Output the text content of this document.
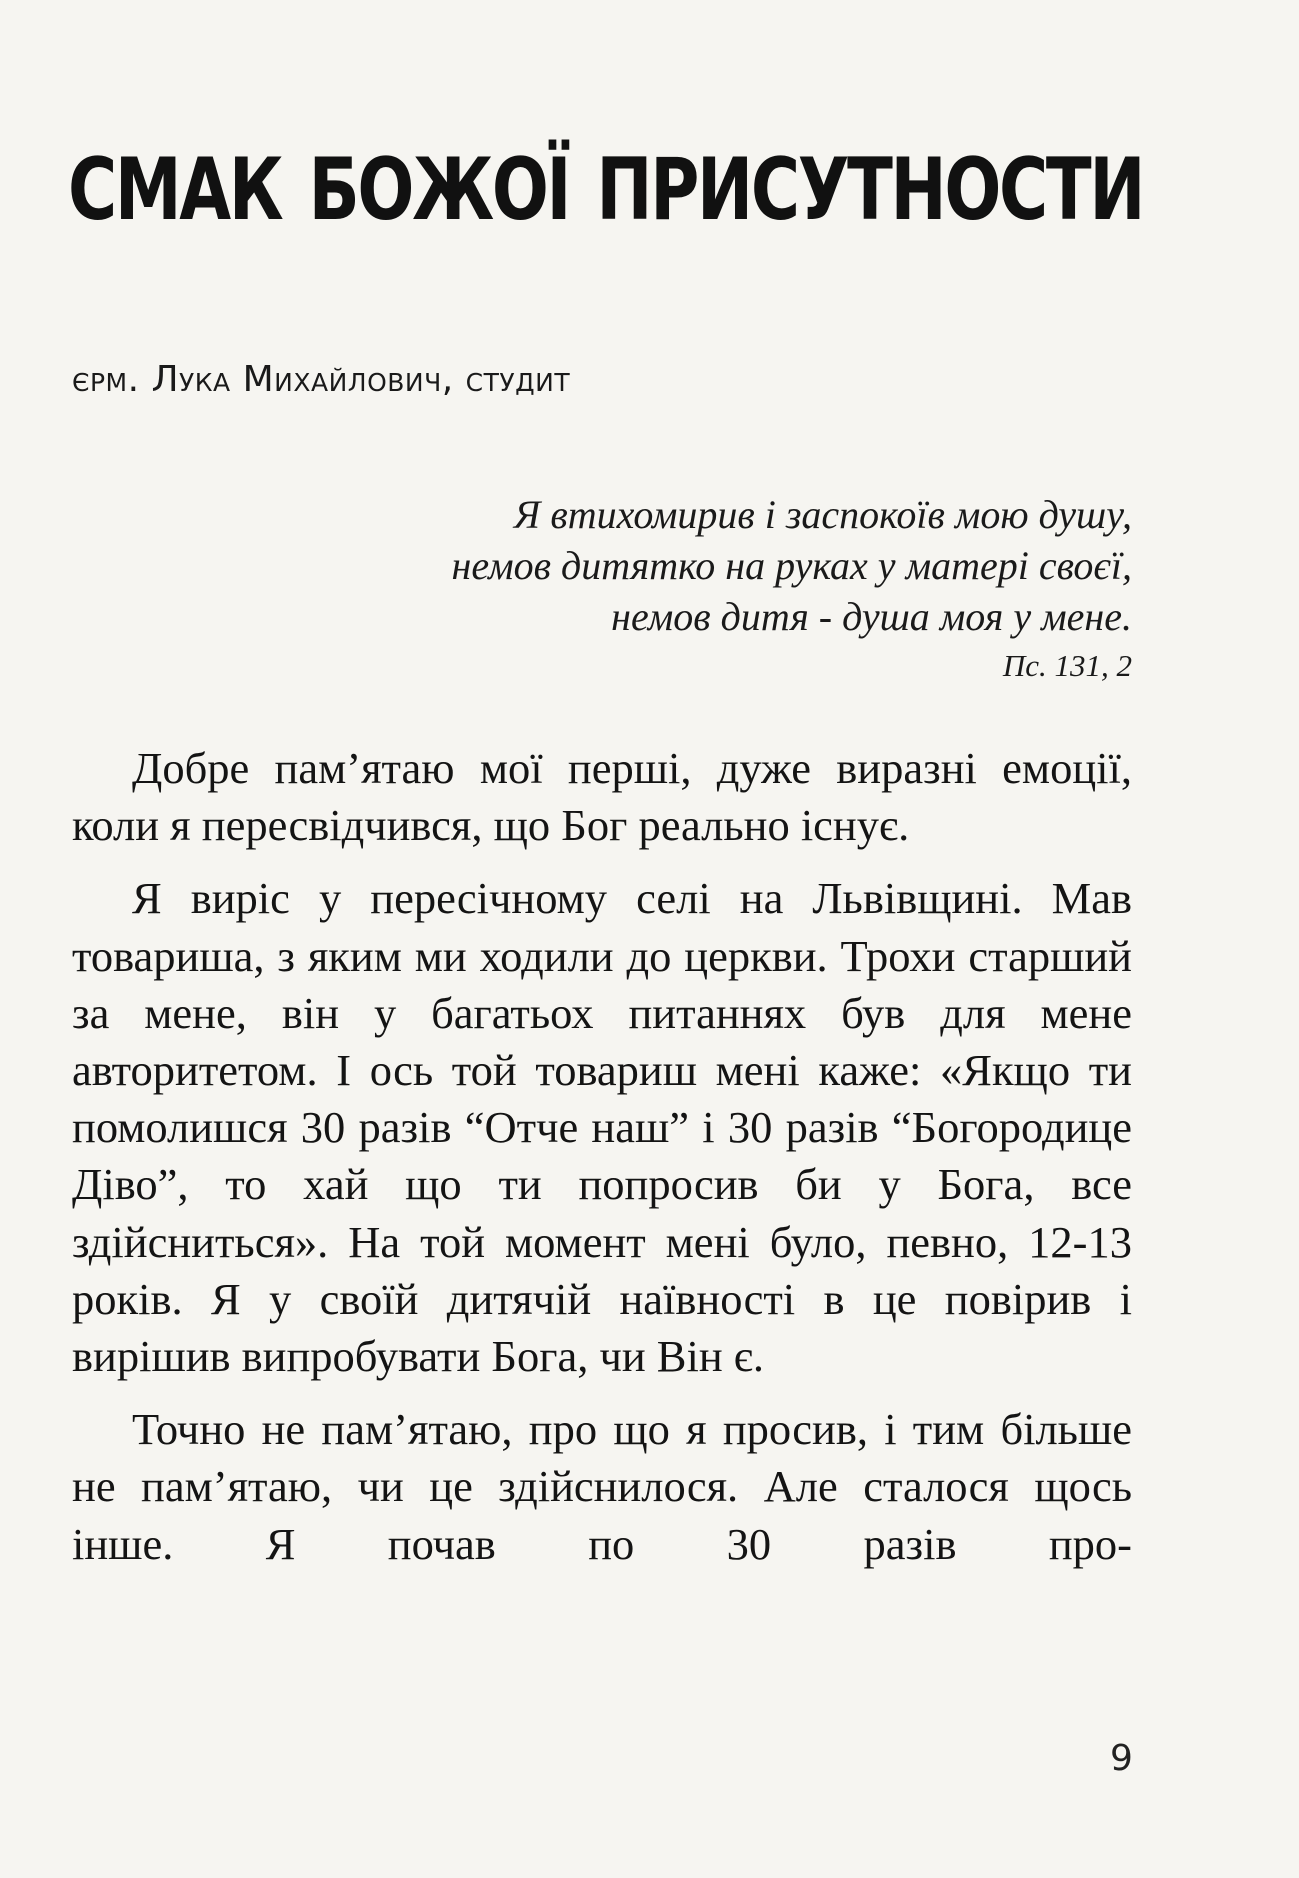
СМАК БОЖОЇ ПРИСУТНОСТИ
єрм. Лука Михайлович, студит
Я втихомирив і заспокоїв мою душу,
немов дитятко на руках у матері своєї,
немов дитя - душа моя у мене.
Пс. 131, 2

Добре пам’ятаю мої перші, дуже виразні емоції, коли я пересвідчився, що Бог реально існує.

Я виріс у пересічному селі на Львівщині. Мав товариша, з яким ми ходили до церкви. Трохи старший за мене, він у багатьох питаннях був для мене авторитетом. І ось той товариш мені каже: «Якщо ти помолишся 30 разів “Отче наш” і 30 разів “Богородице Діво”, то хай що ти попросив би у Бога, все здійсниться». На той момент мені було, певно, 12-13 років. Я у своїй дитячій наївності в це повірив і вирішив випробувати Бога, чи Він є.

Точно не пам’ятаю, про що я просив, і тим більше не пам’ятаю, чи це здійснилося. Але сталося щось інше. Я почав по 30 разів про-

9
